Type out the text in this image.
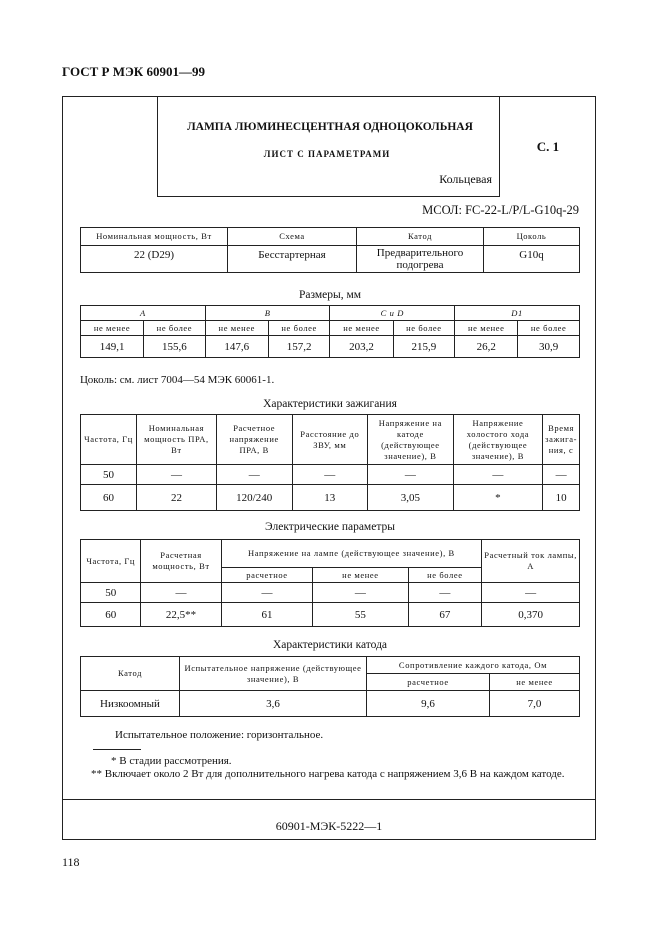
ГОСТ Р МЭК 60901—99
ЛАМПА ЛЮМИНЕСЦЕНТНАЯ ОДНОЦОКОЛЬНАЯ
ЛИСТ С ПАРАМЕТРАМИ
Кольцевая
С. 1
МСОЛ: FC-22-L/P/L-G10q-29
Номинальная мощность, Вт	Схема	Катод	Цоколь
22 (D29)	Бесстартерная	Предварительного подогрева	G10q
Размеры, мм
A		B		C и D		D1	
не менее	не более	не менее	не более	не менее	не более	не менее	не более
149,1	155,6	147,6	157,2	203,2	215,9	26,2	30,9
Цоколь: см. лист 7004—54 МЭК 60061-1.
Характеристики зажигания
Частота, Гц	Номинальная мощность ПРА, Вт	Расчетное напряжение ПРА, В	Расстояние до ЗВУ, мм	Напряжение на катоде (действующее значение), В	Напряжение холостого хода (действующее значение), В	Время зажига-ния, с
50	—	—	—	—	—	—
60	22	120/240	13	3,05	*	10
Электрические параметры
Частота, Гц	Расчетная мощность, Вт	Напряжение на лампе (действующее значение), В			Расчетный ток лампы, А
		расчетное	не менее	не более	
50	—	—	—	—	—
60	22,5**	61	55	67	0,370
Характеристики катода
Катод	Испытательное напряжение (действующее значение), В	Сопротивление каждого катода, Ом	
		расчетное	не менее
Низкоомный	3,6	9,6	7,0
Испытательное положение: горизонтальное.
* В стадии рассмотрения.
** Включает около 2 Вт для дополнительного нагрева катода с напряжением 3,6 В на каждом катоде.
60901-МЭК-5222—1
118
